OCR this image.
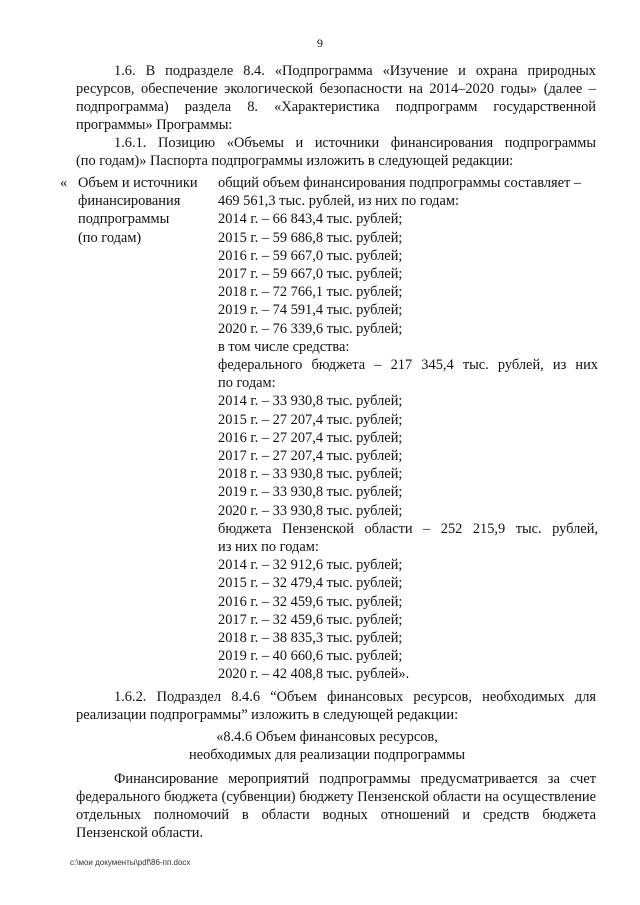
9
1.6. В подразделе 8.4. «Подпрограмма «Изучение и охрана природных
ресурсов, обеспечение экологической безопасности на 2014–2020 годы» (далее –
подпрограмма) раздела 8. «Характеристика подпрограмм государственной
программы» Программы:
1.6.1. Позицию «Объемы и источники финансирования подпрограммы
(по годам)» Паспорта подпрограммы изложить в следующей редакции:
« Объем и источники
финансирования
подпрограммы
(по годам)
общий объем финансирования подпрограммы составляет –
469 561,3 тыс. рублей, из них по годам:
2014 г. – 66 843,4 тыс. рублей;
2015 г. – 59 686,8 тыс. рублей;
2016 г. – 59 667,0 тыс. рублей;
2017 г. – 59 667,0 тыс. рублей;
2018 г. – 72 766,1 тыс. рублей;
2019 г. – 74 591,4 тыс. рублей;
2020 г. – 76 339,6 тыс. рублей;
в том числе средства:
федерального бюджета – 217 345,4 тыс. рублей, из них
по годам:
2014 г. – 33 930,8 тыс. рублей;
2015 г. – 27 207,4 тыс. рублей;
2016 г. – 27 207,4 тыс. рублей;
2017 г. – 27 207,4 тыс. рублей;
2018 г. – 33 930,8 тыс. рублей;
2019 г. – 33 930,8 тыс. рублей;
2020 г. – 33 930,8 тыс. рублей;
бюджета Пензенской области – 252 215,9 тыс. рублей,
из них по годам:
2014 г. – 32 912,6 тыс. рублей;
2015 г. – 32 479,4 тыс. рублей;
2016 г. – 32 459,6 тыс. рублей;
2017 г. – 32 459,6 тыс. рублей;
2018 г. – 38 835,3 тыс. рублей;
2019 г. – 40 660,6 тыс. рублей;
2020 г. – 42 408,8 тыс. рублей».
1.6.2. Подраздел 8.4.6 “Объем финансовых ресурсов, необходимых для
реализации подпрограммы” изложить в следующей редакции:
«8.4.6 Объем финансовых ресурсов,
необходимых для реализации подпрограммы
Финансирование мероприятий подпрограммы предусматривается за счет
федерального бюджета (субвенции) бюджету Пензенской области на осуществление
отдельных полномочий в области водных отношений и средств бюджета
Пензенской области.
c:\мои документы\pdf\86-пп.docx
